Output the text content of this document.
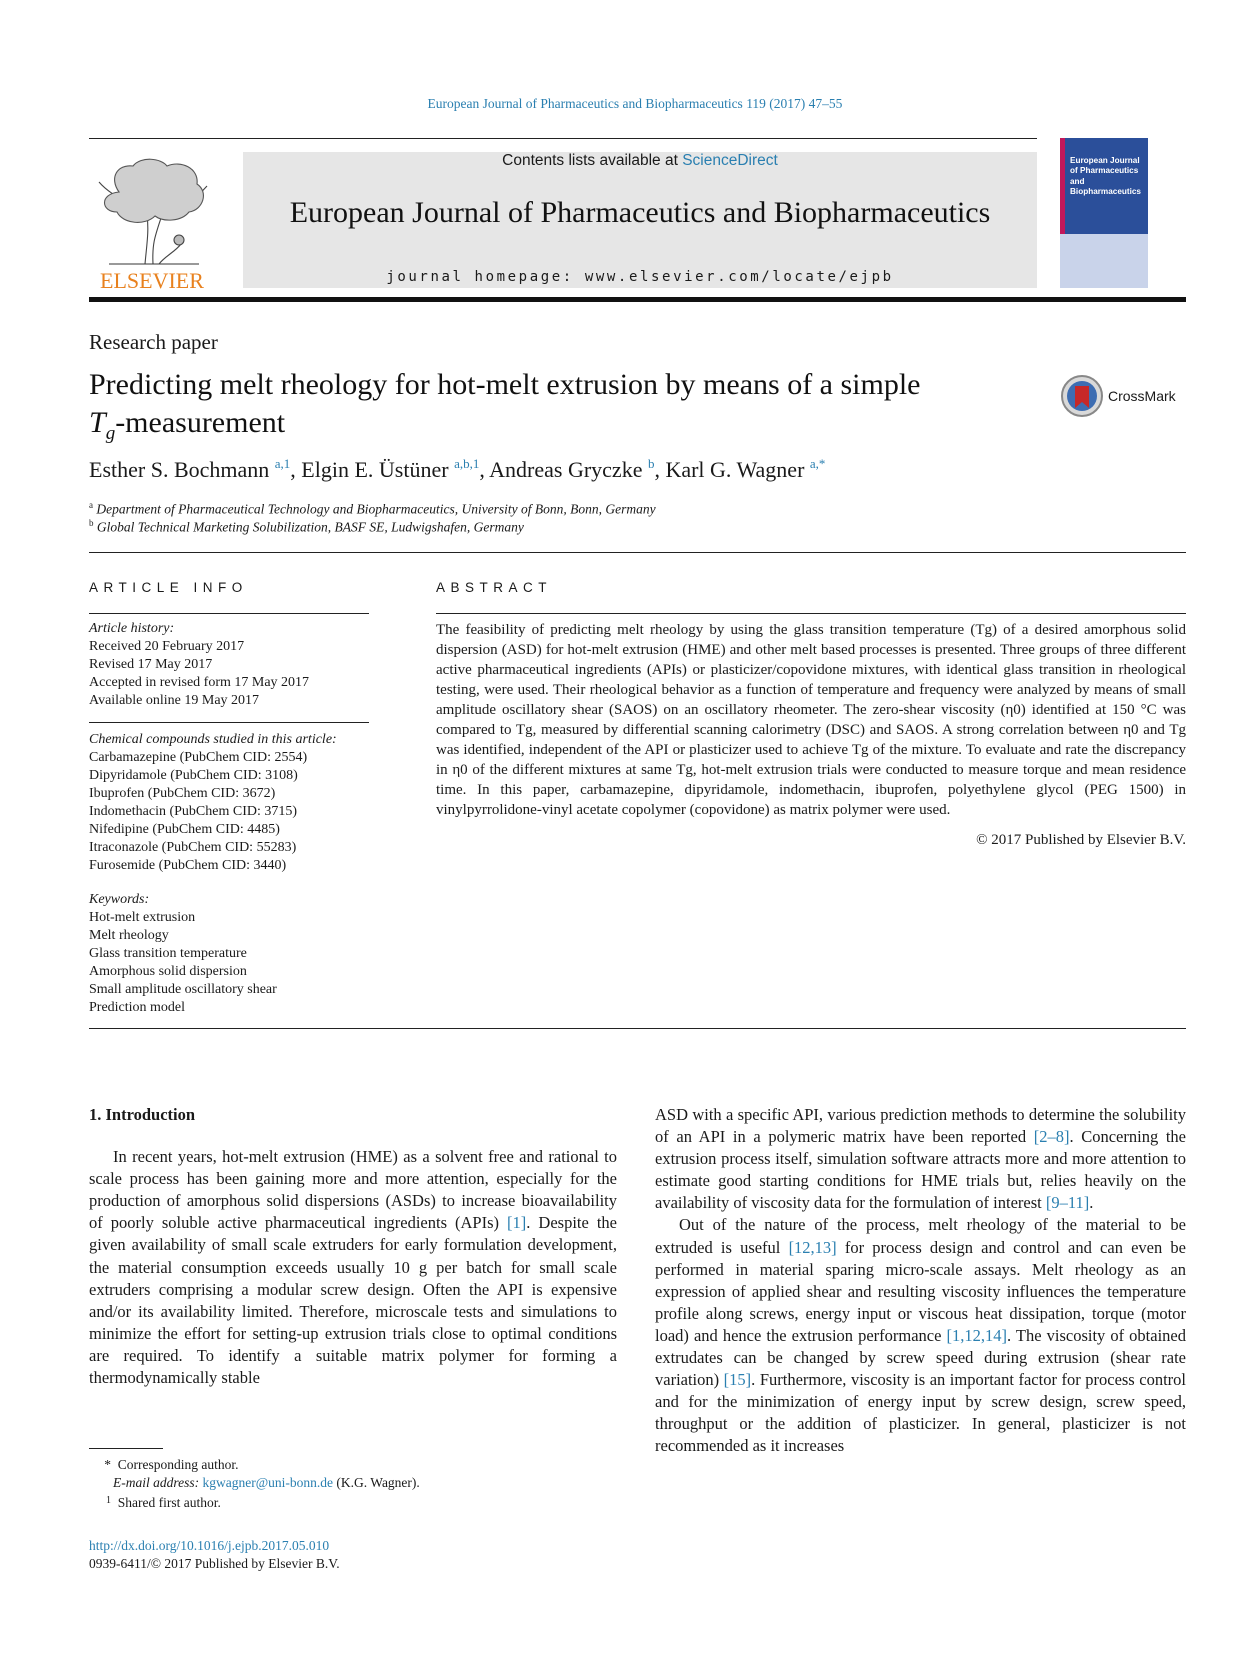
European Journal of Pharmaceutics and Biopharmaceutics 119 (2017) 47–55
Contents lists available at ScienceDirect
European Journal of Pharmaceutics and Biopharmaceutics
journal homepage: www.elsevier.com/locate/ejpb
ELSEVIER
European Journal of Pharmaceutics and Biopharmaceutics
Research paper
Predicting melt rheology for hot-melt extrusion by means of a simple
$T_g$-measurement
CrossMark
Esther S. Bochmann $^{a,1}$, Elgin E. Üstüner $^{a,b,1}$, Andreas Gryczke $^b$, Karl G. Wagner $^{a,*}$
$^a$ Department of Pharmaceutical Technology and Biopharmaceutics, University of Bonn, Bonn, Germany
$^b$ Global Technical Marketing Solubilization, BASF SE, Ludwigshafen, Germany
ARTICLE INFO	ABSTRACT
Article history:
Received 20 February 2017
Revised 17 May 2017
Accepted in revised form 17 May 2017
Available online 19 May 2017
Chemical compounds studied in this article:
Carbamazepine (PubChem CID: 2554)
Dipyridamole (PubChem CID: 3108)
Ibuprofen (PubChem CID: 3672)
Indomethacin (PubChem CID: 3715)
Nifedipine (PubChem CID: 4485)
Itraconazole (PubChem CID: 55283)
Furosemide (PubChem CID: 3440)
Keywords:
Hot-melt extrusion
Melt rheology
Glass transition temperature
Amorphous solid dispersion
Small amplitude oscillatory shear
Prediction model
The feasibility of predicting melt rheology by using the glass transition temperature (Tg) of a desired amorphous solid dispersion (ASD) for hot-melt extrusion (HME) and other melt based processes is presented. Three groups of three different active pharmaceutical ingredients (APIs) or plasticizer/copovidone mixtures, with identical glass transition in rheological testing, were used. Their rheological behavior as a function of temperature and frequency were analyzed by means of small amplitude oscillatory shear (SAOS) on an oscillatory rheometer. The zero-shear viscosity (η0) identified at 150 °C was compared to Tg, measured by differential scanning calorimetry (DSC) and SAOS. A strong correlation between η0 and Tg was identified, independent of the API or plasticizer used to achieve Tg of the mixture. To evaluate and rate the discrepancy in η0 of the different mixtures at same Tg, hot-melt extrusion trials were conducted to measure torque and mean residence time. In this paper, carbamazepine, dipyridamole, indomethacin, ibuprofen, polyethylene glycol (PEG 1500) in vinylpyrrolidone-vinyl acetate copolymer (copovidone) as matrix polymer were used.
© 2017 Published by Elsevier B.V.
1. Introduction

In recent years, hot-melt extrusion (HME) as a solvent free and rational to scale process has been gaining more and more attention, especially for the production of amorphous solid dispersions (ASDs) to increase bioavailability of poorly soluble active pharmaceutical ingredients (APIs) [1]. Despite the given availability of small scale extruders for early formulation development, the material consumption exceeds usually 10 g per batch for small scale extruders comprising a modular screw design. Often the API is expensive and/or its availability limited. Therefore, microscale tests and simulations to minimize the effort for setting-up extrusion trials close to optimal conditions are required. To identify a suitable matrix polymer for forming a thermodynamically stable

ASD with a specific API, various prediction methods to determine the solubility of an API in a polymeric matrix have been reported [2–8]. Concerning the extrusion process itself, simulation software attracts more and more attention to estimate good starting conditions for HME trials but, relies heavily on the availability of viscosity data for the formulation of interest [9–11].

Out of the nature of the process, melt rheology of the material to be extruded is useful [12,13] for process design and control and can even be performed in material sparing micro-scale assays. Melt rheology as an expression of applied shear and resulting viscosity influences the temperature profile along screws, energy input or viscous heat dissipation, torque (motor load) and hence the extrusion performance [1,12,14]. The viscosity of obtained extrudates can be changed by screw speed during extrusion (shear rate variation) [15]. Furthermore, viscosity is an important factor for process control and for the minimization of energy input by screw design, screw speed, throughput or the addition of plasticizer. In general, plasticizer is not recommended as it increases

* Corresponding author.
E-mail address: kgwagner@uni-bonn.de (K.G. Wagner).
1 Shared first author.
http://dx.doi.org/10.1016/j.ejpb.2017.05.010
0939-6411/© 2017 Published by Elsevier B.V.
